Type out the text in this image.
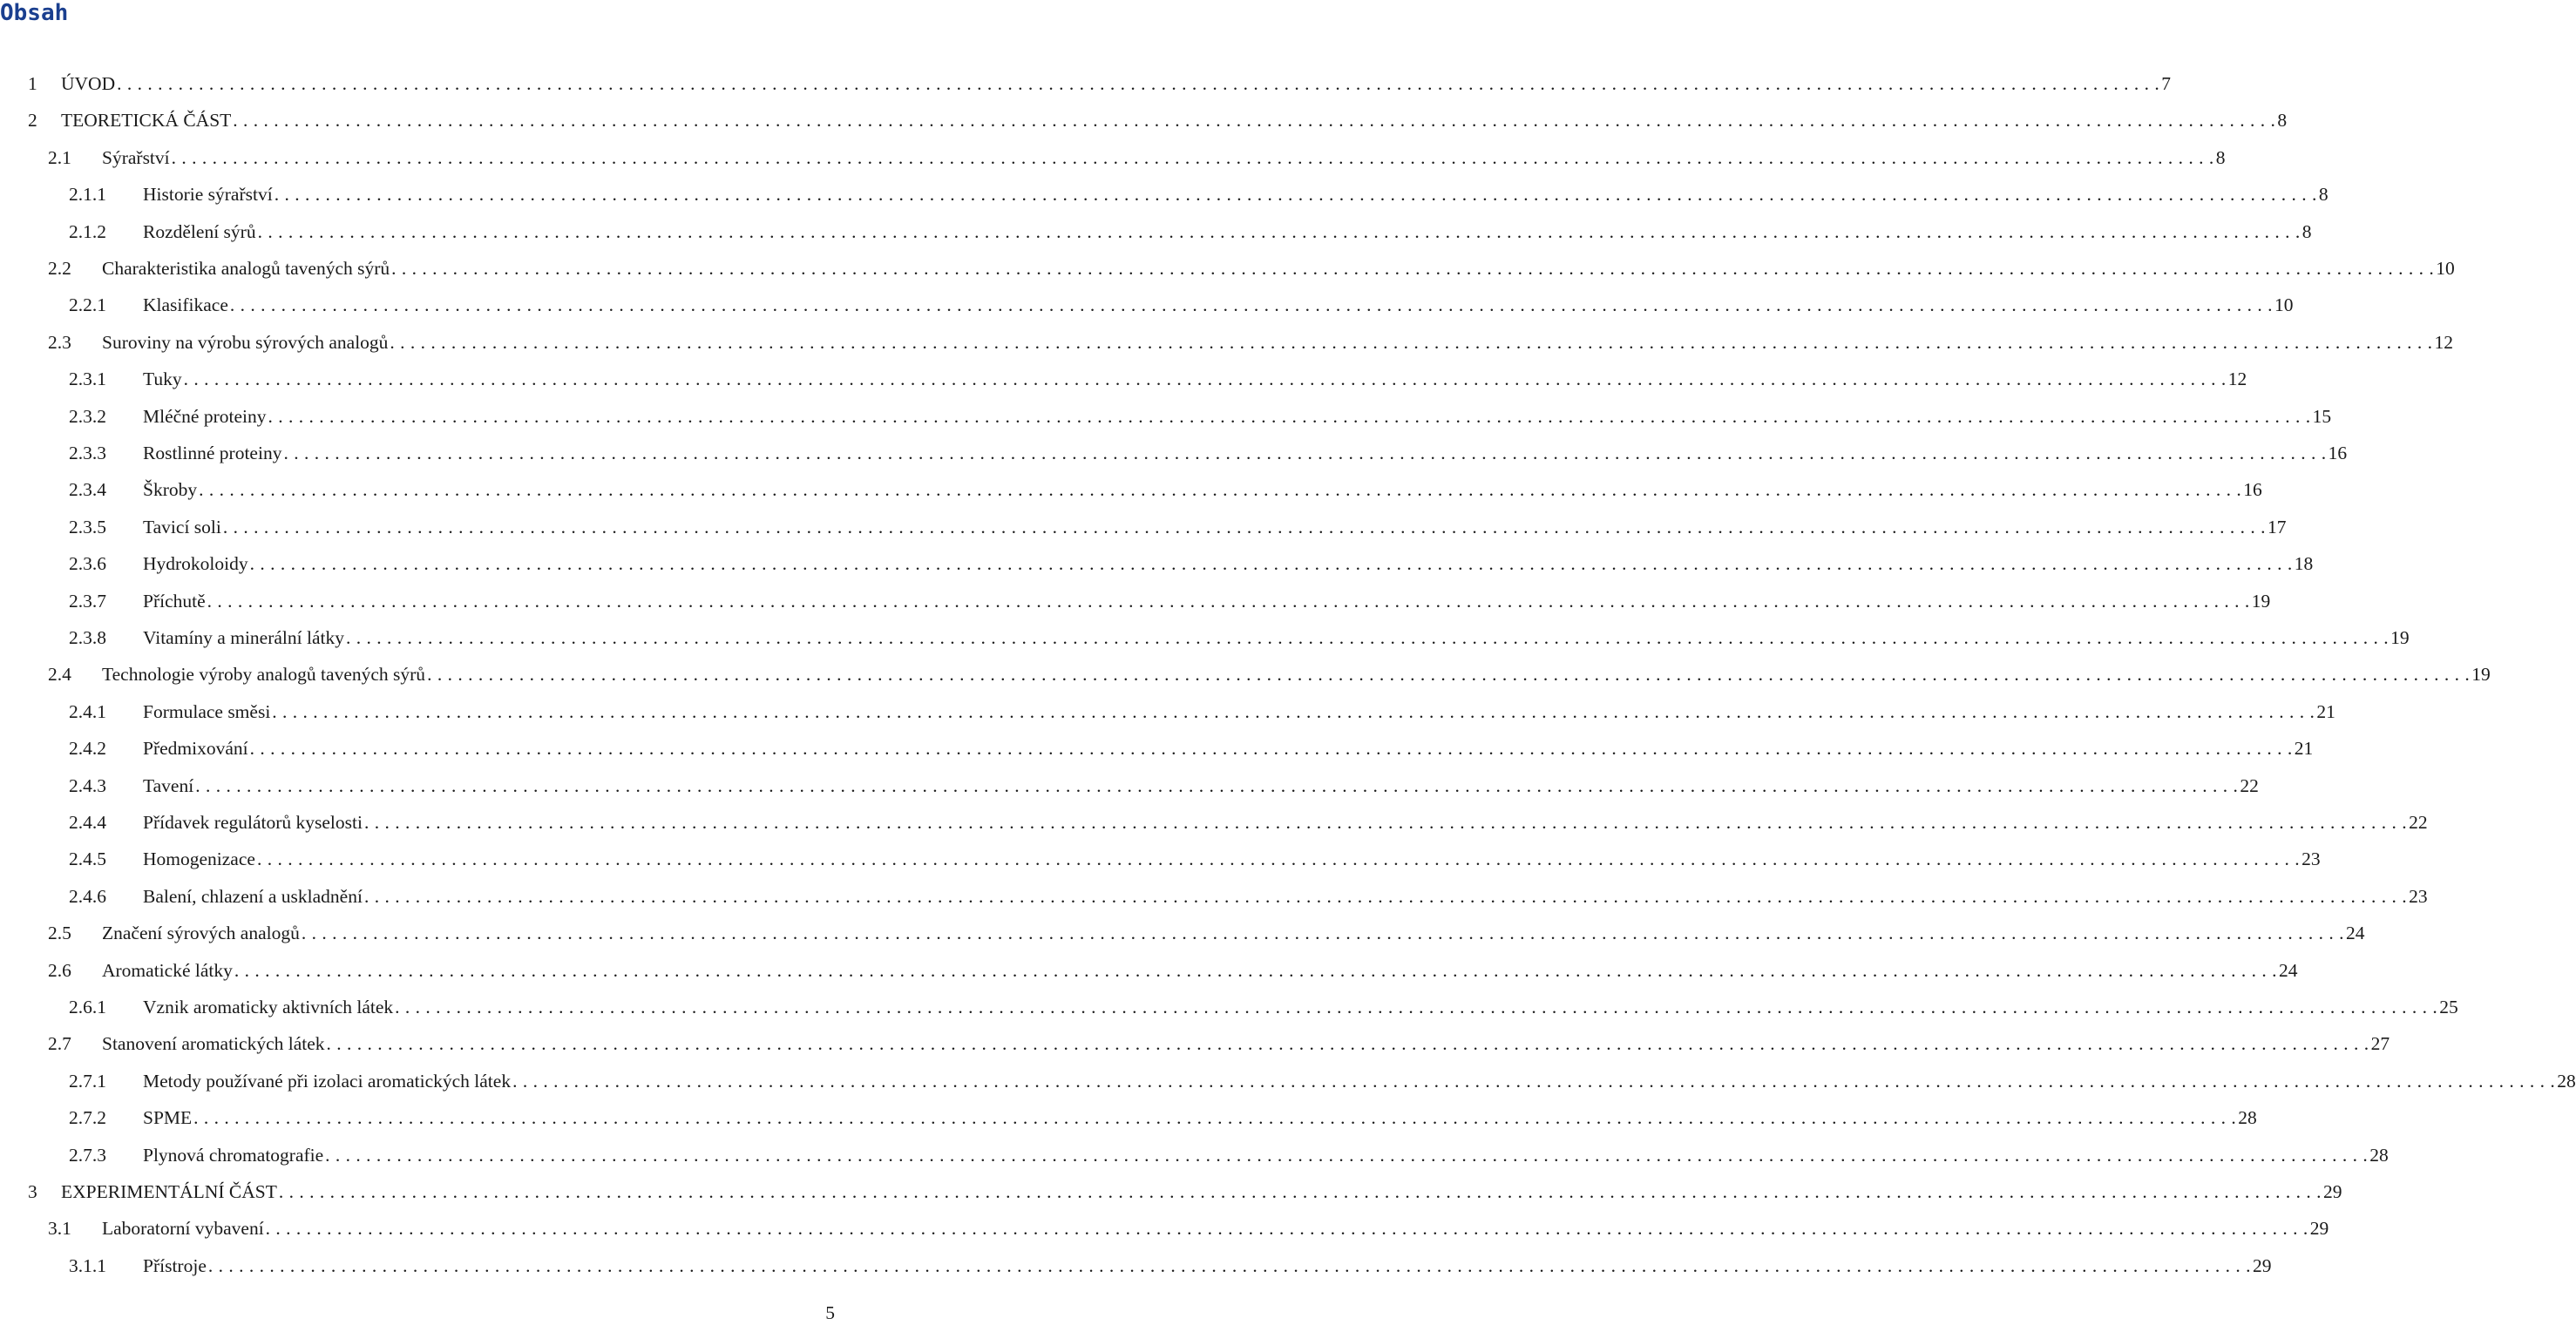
Obsah
1	ÚVOD . . . . . . . . . . . . . . . . . . . . . . . . . . . . . . . . . . . . . . . . . . . . . . . . . . . . . . . . . . . . . . . . . . . . . . . . . . . . . . . . . . . . . . . . . . . . . . . . . . . . . . . . . . . . . . . . . . . . . . . . . . . . . . . . . . . . . . . . . . . . . . . . . . . . . . . . . . . . . . . . . . . . . . . . . . . . . . . . . . . . . . . . . . . . . . . . . . . . . . . . 7
2	TEORETICKÁ ČÁST . . . . . . . . . . . . . . . . . . . . . . . . . . . . . . . . . . . . . . . . . . . . . . . . . . . . . . . . . . . . . . . . . . . . . . . . . . . . . . . . . . . . . . . . . . . . . . . . . . . . . . . . . . . . . . . . . . . . . . . . . . . . . . . . . . . . . . . . . . . . . . . . . . . . . . . . . . . . . . . . . . . . . . . . . . . . . . . . . . . . . . . . . . . . . . . . . . . . . . . . 8
2.1	Sýrařství . . . . . . . . . . . . . . . . . . . . . . . . . . . . . . . . . . . . . . . . . . . . . . . . . . . . . . . . . . . . . . . . . . . . . . . . . . . . . . . . . . . . . . . . . . . . . . . . . . . . . . . . . . . . . . . . . . . . . . . . . . . . . . . . . . . . . . . . . . . . . . . . . . . . . . . . . . . . . . . . . . . . . . . . . . . . . . . . . . . . . . . . . . . . . . . . . . . . . . . . 8
2.1.1	Historie sýrařství . . . . . . . . . . . . . . . . . . . . . . . . . . . . . . . . . . . . . . . . . . . . . . . . . . . . . . . . . . . . . . . . . . . . . . . . . . . . . . . . . . . . . . . . . . . . . . . . . . . . . . . . . . . . . . . . . . . . . . . . . . . . . . . . . . . . . . . . . . . . . . . . . . . . . . . . . . . . . . . . . . . . . . . . . . . . . . . . . . . . . . . . . . . . . . . . . . . . . . . . 8
2.1.2	Rozdělení sýrů . . . . . . . . . . . . . . . . . . . . . . . . . . . . . . . . . . . . . . . . . . . . . . . . . . . . . . . . . . . . . . . . . . . . . . . . . . . . . . . . . . . . . . . . . . . . . . . . . . . . . . . . . . . . . . . . . . . . . . . . . . . . . . . . . . . . . . . . . . . . . . . . . . . . . . . . . . . . . . . . . . . . . . . . . . . . . . . . . . . . . . . . . . . . . . . . . . . . . . . . 8
2.2	Charakteristika analogů tavených sýrů . . . . . . . . . . . . . . . . . . . . . . . . . . . . . . . . . . . . . . . . . . . . . . . . . . . . . . . . . . . . . . . . . . . . . . . . . . . . . . . . . . . . . . . . . . . . . . . . . . . . . . . . . . . . . . . . . . . . . . . . . . . . . . . . . . . . . . . . . . . . . . . . . . . . . . . . . . . . . . . . . . . . . . . . . . . . . . . . . . . . . . . . . . . . . . . . . . . . . . . . 10
2.2.1	Klasifikace . . . . . . . . . . . . . . . . . . . . . . . . . . . . . . . . . . . . . . . . . . . . . . . . . . . . . . . . . . . . . . . . . . . . . . . . . . . . . . . . . . . . . . . . . . . . . . . . . . . . . . . . . . . . . . . . . . . . . . . . . . . . . . . . . . . . . . . . . . . . . . . . . . . . . . . . . . . . . . . . . . . . . . . . . . . . . . . . . . . . . . . . . . . . . . . . . . . . . . . . 10
2.3	Suroviny na výrobu sýrových analogů . . . . . . . . . . . . . . . . . . . . . . . . . . . . . . . . . . . . . . . . . . . . . . . . . . . . . . . . . . . . . . . . . . . . . . . . . . . . . . . . . . . . . . . . . . . . . . . . . . . . . . . . . . . . . . . . . . . . . . . . . . . . . . . . . . . . . . . . . . . . . . . . . . . . . . . . . . . . . . . . . . . . . . . . . . . . . . . . . . . . . . . . . . . . . . . . . . . . . . . . 12
2.3.1	Tuky . . . . . . . . . . . . . . . . . . . . . . . . . . . . . . . . . . . . . . . . . . . . . . . . . . . . . . . . . . . . . . . . . . . . . . . . . . . . . . . . . . . . . . . . . . . . . . . . . . . . . . . . . . . . . . . . . . . . . . . . . . . . . . . . . . . . . . . . . . . . . . . . . . . . . . . . . . . . . . . . . . . . . . . . . . . . . . . . . . . . . . . . . . . . . . . . . . . . . . . . 12
2.3.2	Mléčné proteiny . . . . . . . . . . . . . . . . . . . . . . . . . . . . . . . . . . . . . . . . . . . . . . . . . . . . . . . . . . . . . . . . . . . . . . . . . . . . . . . . . . . . . . . . . . . . . . . . . . . . . . . . . . . . . . . . . . . . . . . . . . . . . . . . . . . . . . . . . . . . . . . . . . . . . . . . . . . . . . . . . . . . . . . . . . . . . . . . . . . . . . . . . . . . . . . . . . . . . . . . 15
2.3.3	Rostlinné proteiny . . . . . . . . . . . . . . . . . . . . . . . . . . . . . . . . . . . . . . . . . . . . . . . . . . . . . . . . . . . . . . . . . . . . . . . . . . . . . . . . . . . . . . . . . . . . . . . . . . . . . . . . . . . . . . . . . . . . . . . . . . . . . . . . . . . . . . . . . . . . . . . . . . . . . . . . . . . . . . . . . . . . . . . . . . . . . . . . . . . . . . . . . . . . . . . . . . . . . . . . 16
2.3.4	Škroby . . . . . . . . . . . . . . . . . . . . . . . . . . . . . . . . . . . . . . . . . . . . . . . . . . . . . . . . . . . . . . . . . . . . . . . . . . . . . . . . . . . . . . . . . . . . . . . . . . . . . . . . . . . . . . . . . . . . . . . . . . . . . . . . . . . . . . . . . . . . . . . . . . . . . . . . . . . . . . . . . . . . . . . . . . . . . . . . . . . . . . . . . . . . . . . . . . . . . . . . 16
2.3.5	Tavicí soli . . . . . . . . . . . . . . . . . . . . . . . . . . . . . . . . . . . . . . . . . . . . . . . . . . . . . . . . . . . . . . . . . . . . . . . . . . . . . . . . . . . . . . . . . . . . . . . . . . . . . . . . . . . . . . . . . . . . . . . . . . . . . . . . . . . . . . . . . . . . . . . . . . . . . . . . . . . . . . . . . . . . . . . . . . . . . . . . . . . . . . . . . . . . . . . . . . . . . . . . 17
2.3.6	Hydrokoloidy . . . . . . . . . . . . . . . . . . . . . . . . . . . . . . . . . . . . . . . . . . . . . . . . . . . . . . . . . . . . . . . . . . . . . . . . . . . . . . . . . . . . . . . . . . . . . . . . . . . . . . . . . . . . . . . . . . . . . . . . . . . . . . . . . . . . . . . . . . . . . . . . . . . . . . . . . . . . . . . . . . . . . . . . . . . . . . . . . . . . . . . . . . . . . . . . . . . . . . . . 18
2.3.7	Příchutě . . . . . . . . . . . . . . . . . . . . . . . . . . . . . . . . . . . . . . . . . . . . . . . . . . . . . . . . . . . . . . . . . . . . . . . . . . . . . . . . . . . . . . . . . . . . . . . . . . . . . . . . . . . . . . . . . . . . . . . . . . . . . . . . . . . . . . . . . . . . . . . . . . . . . . . . . . . . . . . . . . . . . . . . . . . . . . . . . . . . . . . . . . . . . . . . . . . . . . . . 19
2.3.8	Vitamíny a minerální látky . . . . . . . . . . . . . . . . . . . . . . . . . . . . . . . . . . . . . . . . . . . . . . . . . . . . . . . . . . . . . . . . . . . . . . . . . . . . . . . . . . . . . . . . . . . . . . . . . . . . . . . . . . . . . . . . . . . . . . . . . . . . . . . . . . . . . . . . . . . . . . . . . . . . . . . . . . . . . . . . . . . . . . . . . . . . . . . . . . . . . . . . . . . . . . . . . . . . . . . . 19
2.4	Technologie výroby analogů tavených sýrů . . . . . . . . . . . . . . . . . . . . . . . . . . . . . . . . . . . . . . . . . . . . . . . . . . . . . . . . . . . . . . . . . . . . . . . . . . . . . . . . . . . . . . . . . . . . . . . . . . . . . . . . . . . . . . . . . . . . . . . . . . . . . . . . . . . . . . . . . . . . . . . . . . . . . . . . . . . . . . . . . . . . . . . . . . . . . . . . . . . . . . . . . . . . . . . . . . . . . . . . 19
2.4.1	Formulace směsi . . . . . . . . . . . . . . . . . . . . . . . . . . . . . . . . . . . . . . . . . . . . . . . . . . . . . . . . . . . . . . . . . . . . . . . . . . . . . . . . . . . . . . . . . . . . . . . . . . . . . . . . . . . . . . . . . . . . . . . . . . . . . . . . . . . . . . . . . . . . . . . . . . . . . . . . . . . . . . . . . . . . . . . . . . . . . . . . . . . . . . . . . . . . . . . . . . . . . . . . 21
2.4.2	Předmixování . . . . . . . . . . . . . . . . . . . . . . . . . . . . . . . . . . . . . . . . . . . . . . . . . . . . . . . . . . . . . . . . . . . . . . . . . . . . . . . . . . . . . . . . . . . . . . . . . . . . . . . . . . . . . . . . . . . . . . . . . . . . . . . . . . . . . . . . . . . . . . . . . . . . . . . . . . . . . . . . . . . . . . . . . . . . . . . . . . . . . . . . . . . . . . . . . . . . . . . . 21
2.4.3	Tavení . . . . . . . . . . . . . . . . . . . . . . . . . . . . . . . . . . . . . . . . . . . . . . . . . . . . . . . . . . . . . . . . . . . . . . . . . . . . . . . . . . . . . . . . . . . . . . . . . . . . . . . . . . . . . . . . . . . . . . . . . . . . . . . . . . . . . . . . . . . . . . . . . . . . . . . . . . . . . . . . . . . . . . . . . . . . . . . . . . . . . . . . . . . . . . . . . . . . . . . . 22
2.4.4	Přídavek regulátorů kyselosti . . . . . . . . . . . . . . . . . . . . . . . . . . . . . . . . . . . . . . . . . . . . . . . . . . . . . . . . . . . . . . . . . . . . . . . . . . . . . . . . . . . . . . . . . . . . . . . . . . . . . . . . . . . . . . . . . . . . . . . . . . . . . . . . . . . . . . . . . . . . . . . . . . . . . . . . . . . . . . . . . . . . . . . . . . . . . . . . . . . . . . . . . . . . . . . . . . . . . . . . 22
2.4.5	Homogenizace . . . . . . . . . . . . . . . . . . . . . . . . . . . . . . . . . . . . . . . . . . . . . . . . . . . . . . . . . . . . . . . . . . . . . . . . . . . . . . . . . . . . . . . . . . . . . . . . . . . . . . . . . . . . . . . . . . . . . . . . . . . . . . . . . . . . . . . . . . . . . . . . . . . . . . . . . . . . . . . . . . . . . . . . . . . . . . . . . . . . . . . . . . . . . . . . . . . . . . . . 23
2.4.6	Balení, chlazení a uskladnění . . . . . . . . . . . . . . . . . . . . . . . . . . . . . . . . . . . . . . . . . . . . . . . . . . . . . . . . . . . . . . . . . . . . . . . . . . . . . . . . . . . . . . . . . . . . . . . . . . . . . . . . . . . . . . . . . . . . . . . . . . . . . . . . . . . . . . . . . . . . . . . . . . . . . . . . . . . . . . . . . . . . . . . . . . . . . . . . . . . . . . . . . . . . . . . . . . . . . . . . 23
2.5	Značení sýrových analogů . . . . . . . . . . . . . . . . . . . . . . . . . . . . . . . . . . . . . . . . . . . . . . . . . . . . . . . . . . . . . . . . . . . . . . . . . . . . . . . . . . . . . . . . . . . . . . . . . . . . . . . . . . . . . . . . . . . . . . . . . . . . . . . . . . . . . . . . . . . . . . . . . . . . . . . . . . . . . . . . . . . . . . . . . . . . . . . . . . . . . . . . . . . . . . . . . . . . . . . . 24
2.6	Aromatické látky . . . . . . . . . . . . . . . . . . . . . . . . . . . . . . . . . . . . . . . . . . . . . . . . . . . . . . . . . . . . . . . . . . . . . . . . . . . . . . . . . . . . . . . . . . . . . . . . . . . . . . . . . . . . . . . . . . . . . . . . . . . . . . . . . . . . . . . . . . . . . . . . . . . . . . . . . . . . . . . . . . . . . . . . . . . . . . . . . . . . . . . . . . . . . . . . . . . . . . . . 24
2.6.1	Vznik aromaticky aktivních látek . . . . . . . . . . . . . . . . . . . . . . . . . . . . . . . . . . . . . . . . . . . . . . . . . . . . . . . . . . . . . . . . . . . . . . . . . . . . . . . . . . . . . . . . . . . . . . . . . . . . . . . . . . . . . . . . . . . . . . . . . . . . . . . . . . . . . . . . . . . . . . . . . . . . . . . . . . . . . . . . . . . . . . . . . . . . . . . . . . . . . . . . . . . . . . . . . . . . . . . . 25
2.7	Stanovení aromatických látek . . . . . . . . . . . . . . . . . . . . . . . . . . . . . . . . . . . . . . . . . . . . . . . . . . . . . . . . . . . . . . . . . . . . . . . . . . . . . . . . . . . . . . . . . . . . . . . . . . . . . . . . . . . . . . . . . . . . . . . . . . . . . . . . . . . . . . . . . . . . . . . . . . . . . . . . . . . . . . . . . . . . . . . . . . . . . . . . . . . . . . . . . . . . . . . . . . . . . . . . 27
2.7.1	Metody používané při izolaci aromatických látek . . . . . . . . . . . . . . . . . . . . . . . . . . . . . . . . . . . . . . . . . . . . . . . . . . . . . . . . . . . . . . . . . . . . . . . . . . . . . . . . . . . . . . . . . . . . . . . . . . . . . . . . . . . . . . . . . . . . . . . . . . . . . . . . . . . . . . . . . . . . . . . . . . . . . . . . . . . . . . . . . . . . . . . . . . . . . . . . . . . . . . . . . . . . . . . . . . . . . . . . 28
2.7.2	SPME . . . . . . . . . . . . . . . . . . . . . . . . . . . . . . . . . . . . . . . . . . . . . . . . . . . . . . . . . . . . . . . . . . . . . . . . . . . . . . . . . . . . . . . . . . . . . . . . . . . . . . . . . . . . . . . . . . . . . . . . . . . . . . . . . . . . . . . . . . . . . . . . . . . . . . . . . . . . . . . . . . . . . . . . . . . . . . . . . . . . . . . . . . . . . . . . . . . . . . . . 28
2.7.3	Plynová chromatografie . . . . . . . . . . . . . . . . . . . . . . . . . . . . . . . . . . . . . . . . . . . . . . . . . . . . . . . . . . . . . . . . . . . . . . . . . . . . . . . . . . . . . . . . . . . . . . . . . . . . . . . . . . . . . . . . . . . . . . . . . . . . . . . . . . . . . . . . . . . . . . . . . . . . . . . . . . . . . . . . . . . . . . . . . . . . . . . . . . . . . . . . . . . . . . . . . . . . . . . . 28
3	EXPERIMENTÁLNÍ ČÁST . . . . . . . . . . . . . . . . . . . . . . . . . . . . . . . . . . . . . . . . . . . . . . . . . . . . . . . . . . . . . . . . . . . . . . . . . . . . . . . . . . . . . . . . . . . . . . . . . . . . . . . . . . . . . . . . . . . . . . . . . . . . . . . . . . . . . . . . . . . . . . . . . . . . . . . . . . . . . . . . . . . . . . . . . . . . . . . . . . . . . . . . . . . . . . . . . . . . . . . . 29
3.1	Laboratorní vybavení . . . . . . . . . . . . . . . . . . . . . . . . . . . . . . . . . . . . . . . . . . . . . . . . . . . . . . . . . . . . . . . . . . . . . . . . . . . . . . . . . . . . . . . . . . . . . . . . . . . . . . . . . . . . . . . . . . . . . . . . . . . . . . . . . . . . . . . . . . . . . . . . . . . . . . . . . . . . . . . . . . . . . . . . . . . . . . . . . . . . . . . . . . . . . . . . . . . . . . . . 29
3.1.1	Přístroje . . . . . . . . . . . . . . . . . . . . . . . . . . . . . . . . . . . . . . . . . . . . . . . . . . . . . . . . . . . . . . . . . . . . . . . . . . . . . . . . . . . . . . . . . . . . . . . . . . . . . . . . . . . . . . . . . . . . . . . . . . . . . . . . . . . . . . . . . . . . . . . . . . . . . . . . . . . . . . . . . . . . . . . . . . . . . . . . . . . . . . . . . . . . . . . . . . . . . . . . 29
5
